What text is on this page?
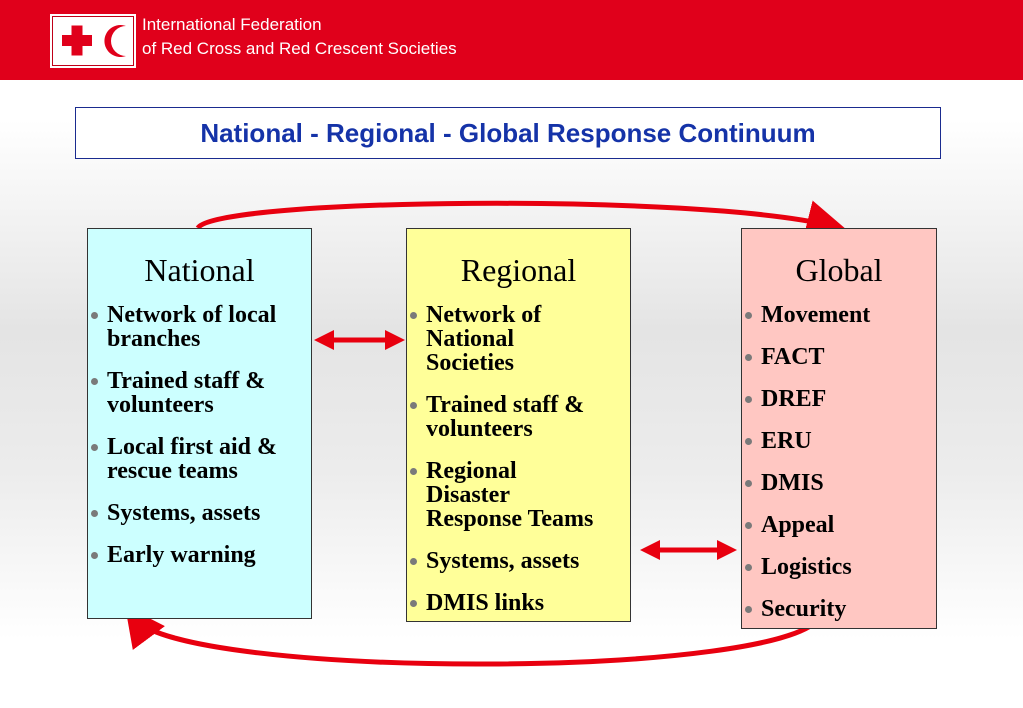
International Federation
of Red Cross and Red Crescent Societies
National - Regional - Global Response Continuum
National
Network of local
branches
Trained staff &
volunteers
Local first aid &
rescue teams
Systems, assets
Early warning
Regional
Network of
National
Societies
Trained staff &
volunteers
Regional
Disaster
Response Teams
Systems, assets
DMIS links
Global
Movement
FACT
DREF
ERU
DMIS
Appeal
Logistics
Security
